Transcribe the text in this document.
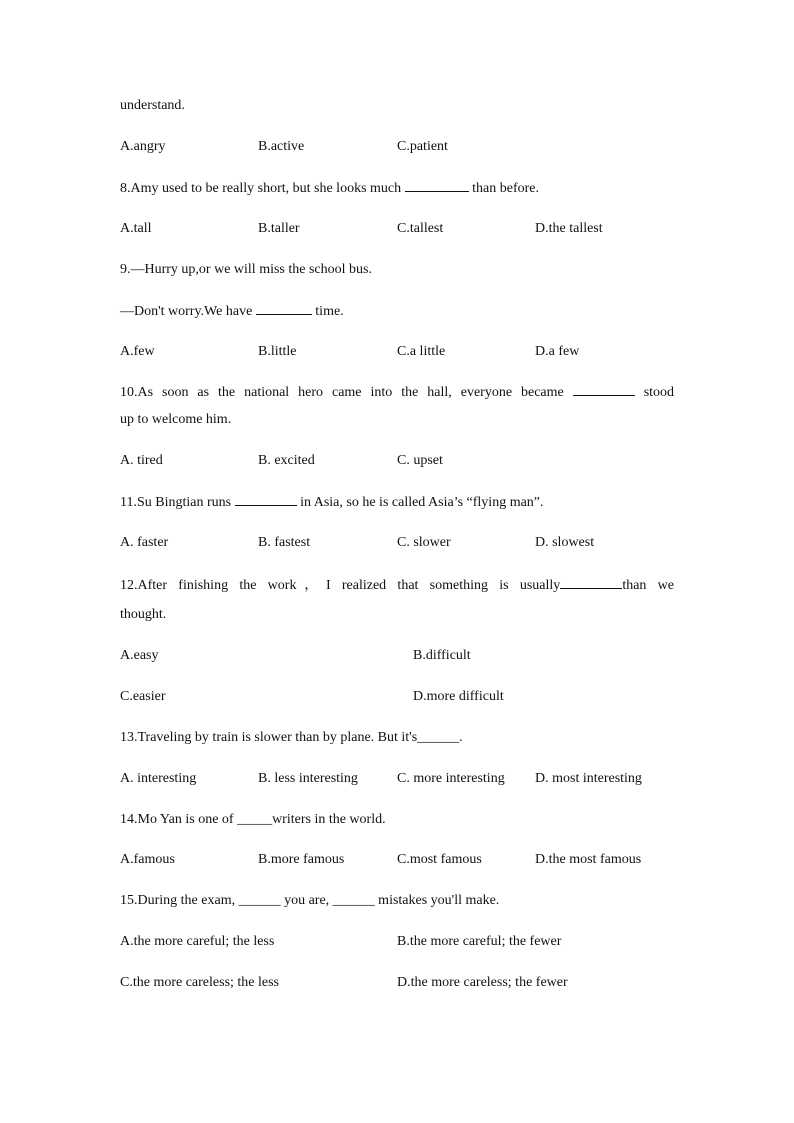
understand.
A.angry	B.active	C.patient
8.Amy used to be really short, but she looks much	than before.
A.tall	B.taller	C.tallest	D.the tallest
9.—Hurry up,or we will miss the school bus.
—Don't worry.We have	time.
A.few	B.little	C.a little	D.a few
10.As soon as the national hero came into the hall, everyone became	stood
up to welcome him.
A. tired	B. excited	C. upset
11.Su Bingtian runs	in Asia, so he is called Asia’s “flying man”.
A. faster	B. fastest	C. slower	D. slowest
12.After finishing the work，I realized that something is usually	than we
thought.
A.easy	B.difficult
C.easier	D.more difficult
13.Traveling by train is slower than by plane. But it's______.
A. interesting	B. less interesting	C. more interesting D. most interesting
14.Mo Yan is one of _____writers in the world.
A.famous	B.more famous	C.most famous	D.the most famous
15.During the exam, ______ you are, ______ mistakes you'll make.
A.the more careful; the less	B.the more careful; the fewer
C.the more careless; the less	D.the more careless; the fewer
